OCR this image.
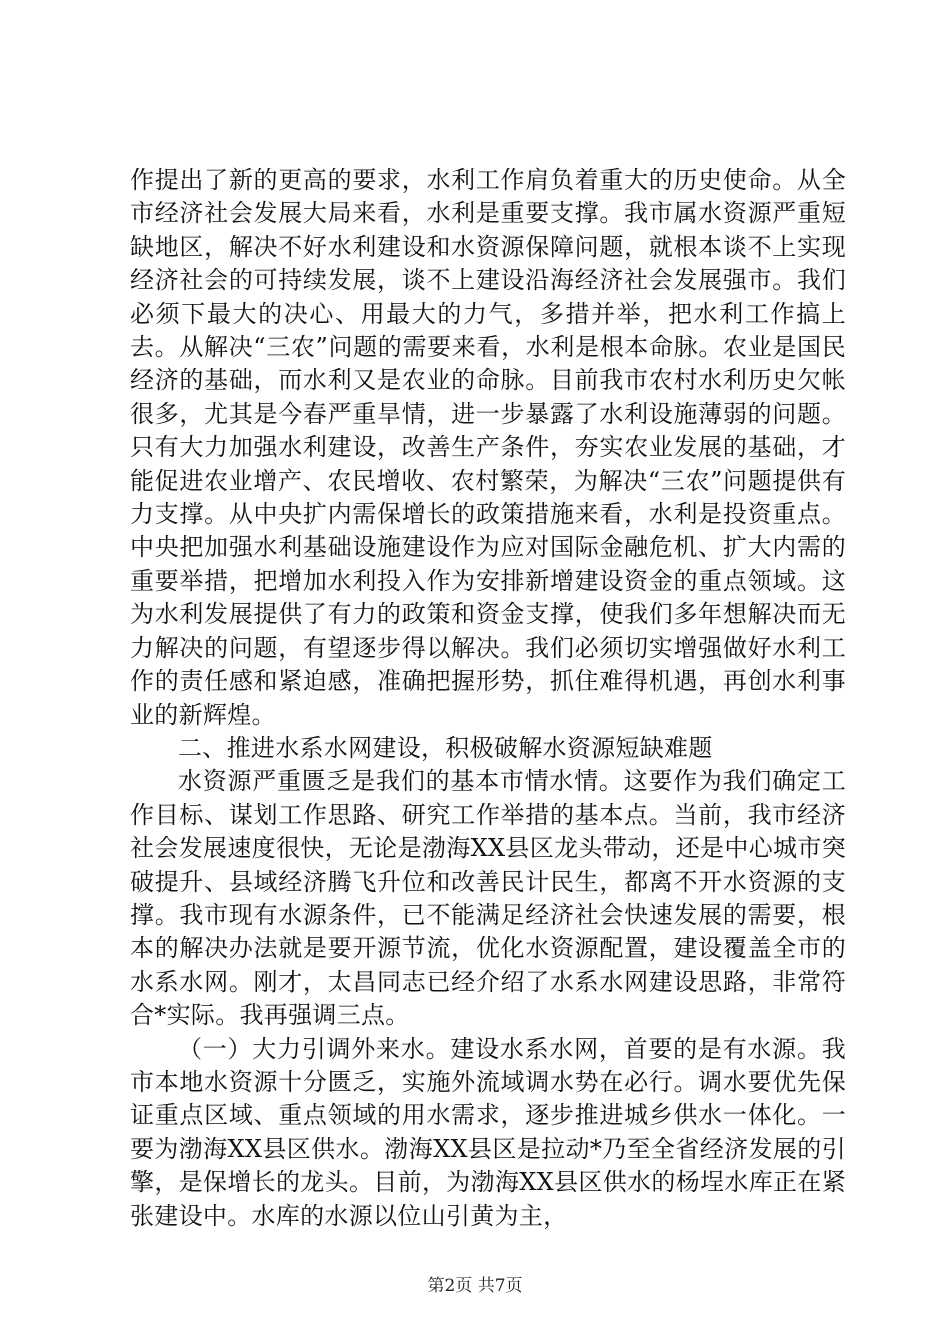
作提出了新的更高的要求，水利工作肩负着重大的历史使命。从全市经济社会发展大局来看，水利是重要支撑。我市属水资源严重短缺地区，解决不好水利建设和水资源保障问题，就根本谈不上实现经济社会的可持续发展，谈不上建设沿海经济社会发展强市。我们必须下最大的决心、用最大的力气，多措并举，把水利工作搞上去。从解决“三农”问题的需要来看，水利是根本命脉。农业是国民经济的基础，而水利又是农业的命脉。目前我市农村水利历史欠帐很多，尤其是今春严重旱情，进一步暴露了水利设施薄弱的问题。只有大力加强水利建设，改善生产条件，夯实农业发展的基础，才能促进农业增产、农民增收、农村繁荣，为解决“三农”问题提供有力支撑。从中央扩内需保增长的政策措施来看，水利是投资重点。中央把加强水利基础设施建设作为应对国际金融危机、扩大内需的重要举措，把增加水利投入作为安排新增建设资金的重点领域。这为水利发展提供了有力的政策和资金支撑，使我们多年想解决而无力解决的问题，有望逐步得以解决。我们必须切实增强做好水利工作的责任感和紧迫感，准确把握形势，抓住难得机遇，再创水利事业的新辉煌。

二、推进水系水网建设，积极破解水资源短缺难题

水资源严重匮乏是我们的基本市情水情。这要作为我们确定工作目标、谋划工作思路、研究工作举措的基本点。当前，我市经济社会发展速度很快，无论是渤海XX县区龙头带动，还是中心城市突破提升、县域经济腾飞升位和改善民计民生，都离不开水资源的支撑。我市现有水源条件，已不能满足经济社会快速发展的需要，根本的解决办法就是要开源节流，优化水资源配置，建设覆盖全市的水系水网。刚才，太昌同志已经介绍了水系水网建设思路，非常符合*实际。我再强调三点。

（一）大力引调外来水。建设水系水网，首要的是有水源。我市本地水资源十分匮乏，实施外流域调水势在必行。调水要优先保证重点区域、重点领域的用水需求，逐步推进城乡供水一体化。一要为渤海XX县区供水。渤海XX县区是拉动*乃至全省经济发展的引擎，是保增长的龙头。目前，为渤海XX县区供水的杨埕水库正在紧张建设中。水库的水源以位山引黄为主，

第2页 共7页
